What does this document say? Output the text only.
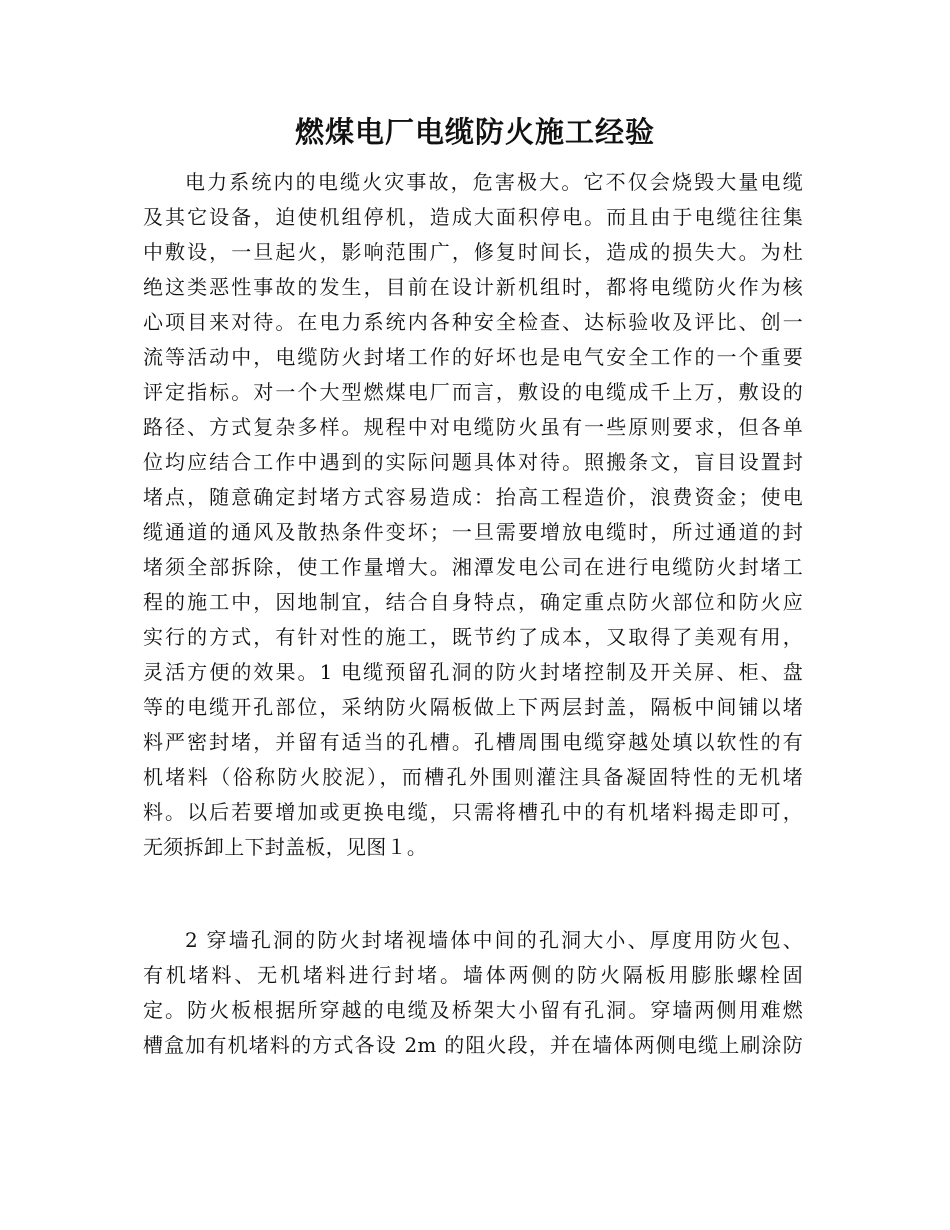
燃煤电厂电缆防火施工经验
电力系统内的电缆火灾事故，危害极大。它不仅会烧毁大量电缆
及其它设备，迫使机组停机，造成大面积停电。而且由于电缆往往集
中敷设，一旦起火，影响范围广，修复时间长，造成的损失大。为杜
绝这类恶性事故的发生，目前在设计新机组时，都将电缆防火作为核
心项目来对待。在电力系统内各种安全检查、达标验收及评比、创一
流等活动中，电缆防火封堵工作的好坏也是电气安全工作的一个重要
评定指标。对一个大型燃煤电厂而言，敷设的电缆成千上万，敷设的
路径、方式复杂多样。规程中对电缆防火虽有一些原则要求，但各单
位均应结合工作中遇到的实际问题具体对待。照搬条文，盲目设置封
堵点，随意确定封堵方式容易造成：抬高工程造价，浪费资金；使电
缆通道的通风及散热条件变坏；一旦需要增放电缆时，所过通道的封
堵须全部拆除，使工作量增大。湘潭发电公司在进行电缆防火封堵工
程的施工中，因地制宜，结合自身特点，确定重点防火部位和防火应
实行的方式，有针对性的施工，既节约了成本，又取得了美观有用，
灵活方便的效果。1 电缆预留孔洞的防火封堵控制及开关屏、柜、盘
等的电缆开孔部位，采纳防火隔板做上下两层封盖，隔板中间铺以堵
料严密封堵，并留有适当的孔槽。孔槽周围电缆穿越处填以软性的有
机堵料（俗称防火胶泥），而槽孔外围则灌注具备凝固特性的无机堵
料。以后若要增加或更换电缆，只需将槽孔中的有机堵料揭走即可，
无须拆卸上下封盖板，见图１。
2 穿墙孔洞的防火封堵视墙体中间的孔洞大小、厚度用防火包、
有机堵料、无机堵料进行封堵。墙体两侧的防火隔板用膨胀螺栓固
定。防火板根据所穿越的电缆及桥架大小留有孔洞。穿墙两侧用难燃
槽盒加有机堵料的方式各设 2m 的阻火段，并在墙体两侧电缆上刷涂防
